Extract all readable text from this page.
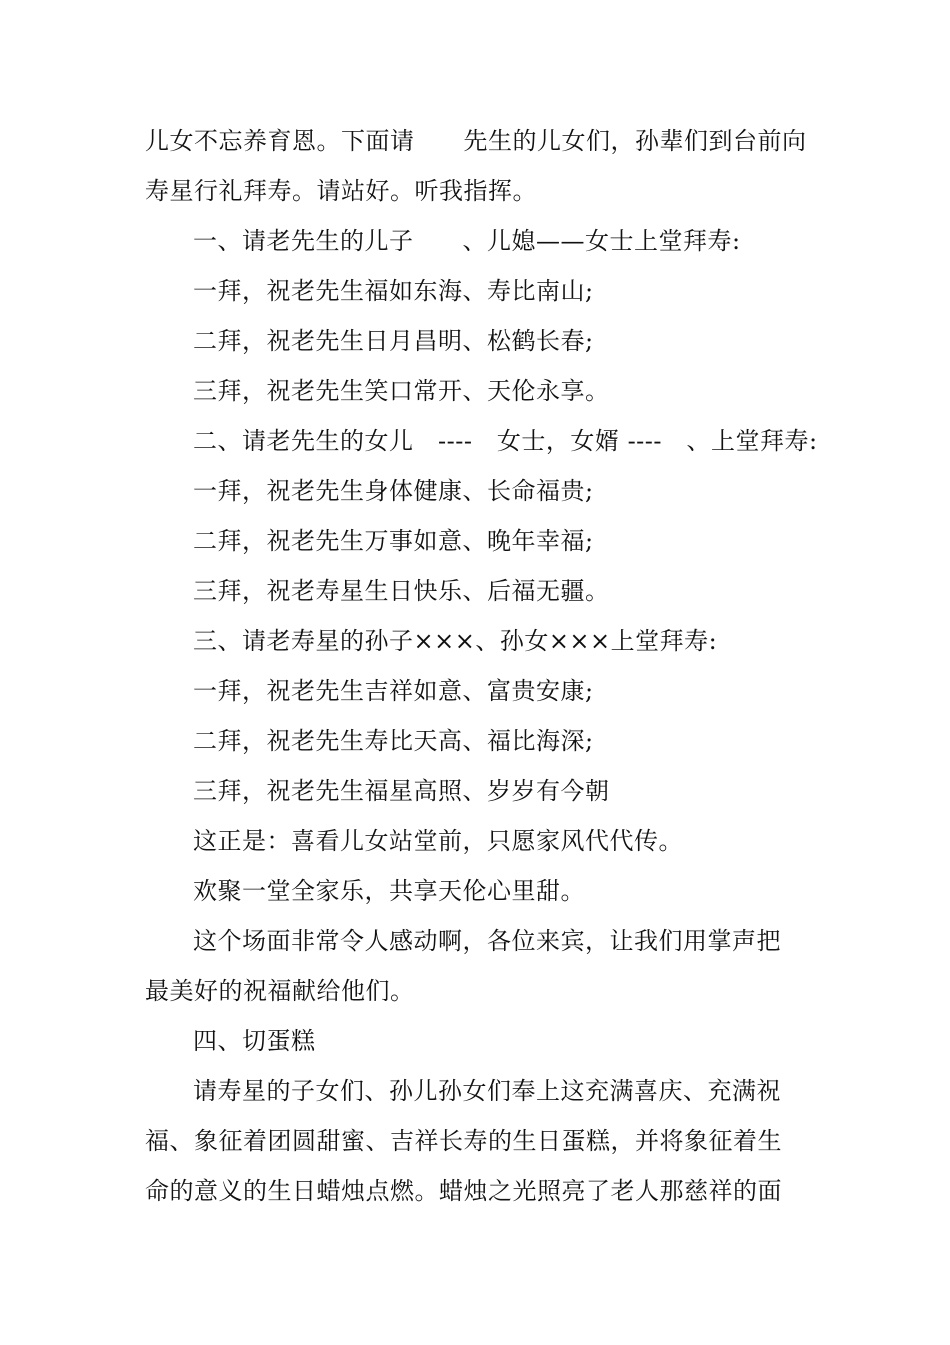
儿女不忘养育恩。下面请　　先生的儿女们，孙辈们到台前向
寿星行礼拜寿。请站好。听我指挥。
一、请老先生的儿子　　、儿媳——女士上堂拜寿:
一拜，祝老先生福如东海、寿比南山;
二拜，祝老先生日月昌明、松鹤长春;
三拜，祝老先生笑口常开、天伦永享。
二、请老先生的女儿　----　女士，女婿 ----　、上堂拜寿:
一拜，祝老先生身体健康、长命福贵;
二拜，祝老先生万事如意、晚年幸福;
三拜，祝老寿星生日快乐、后福无疆。
三、请老寿星的孙子×××、孙女×××上堂拜寿:
一拜，祝老先生吉祥如意、富贵安康;
二拜，祝老先生寿比天高、福比海深;
三拜，祝老先生福星高照、岁岁有今朝
这正是：喜看儿女站堂前，只愿家风代代传。
欢聚一堂全家乐，共享天伦心里甜。
这个场面非常令人感动啊，各位来宾，让我们用掌声把
最美好的祝福献给他们。
四、切蛋糕
请寿星的子女们、孙儿孙女们奉上这充满喜庆、充满祝
福、象征着团圆甜蜜、吉祥长寿的生日蛋糕，并将象征着生
命的意义的生日蜡烛点燃。蜡烛之光照亮了老人那慈祥的面
